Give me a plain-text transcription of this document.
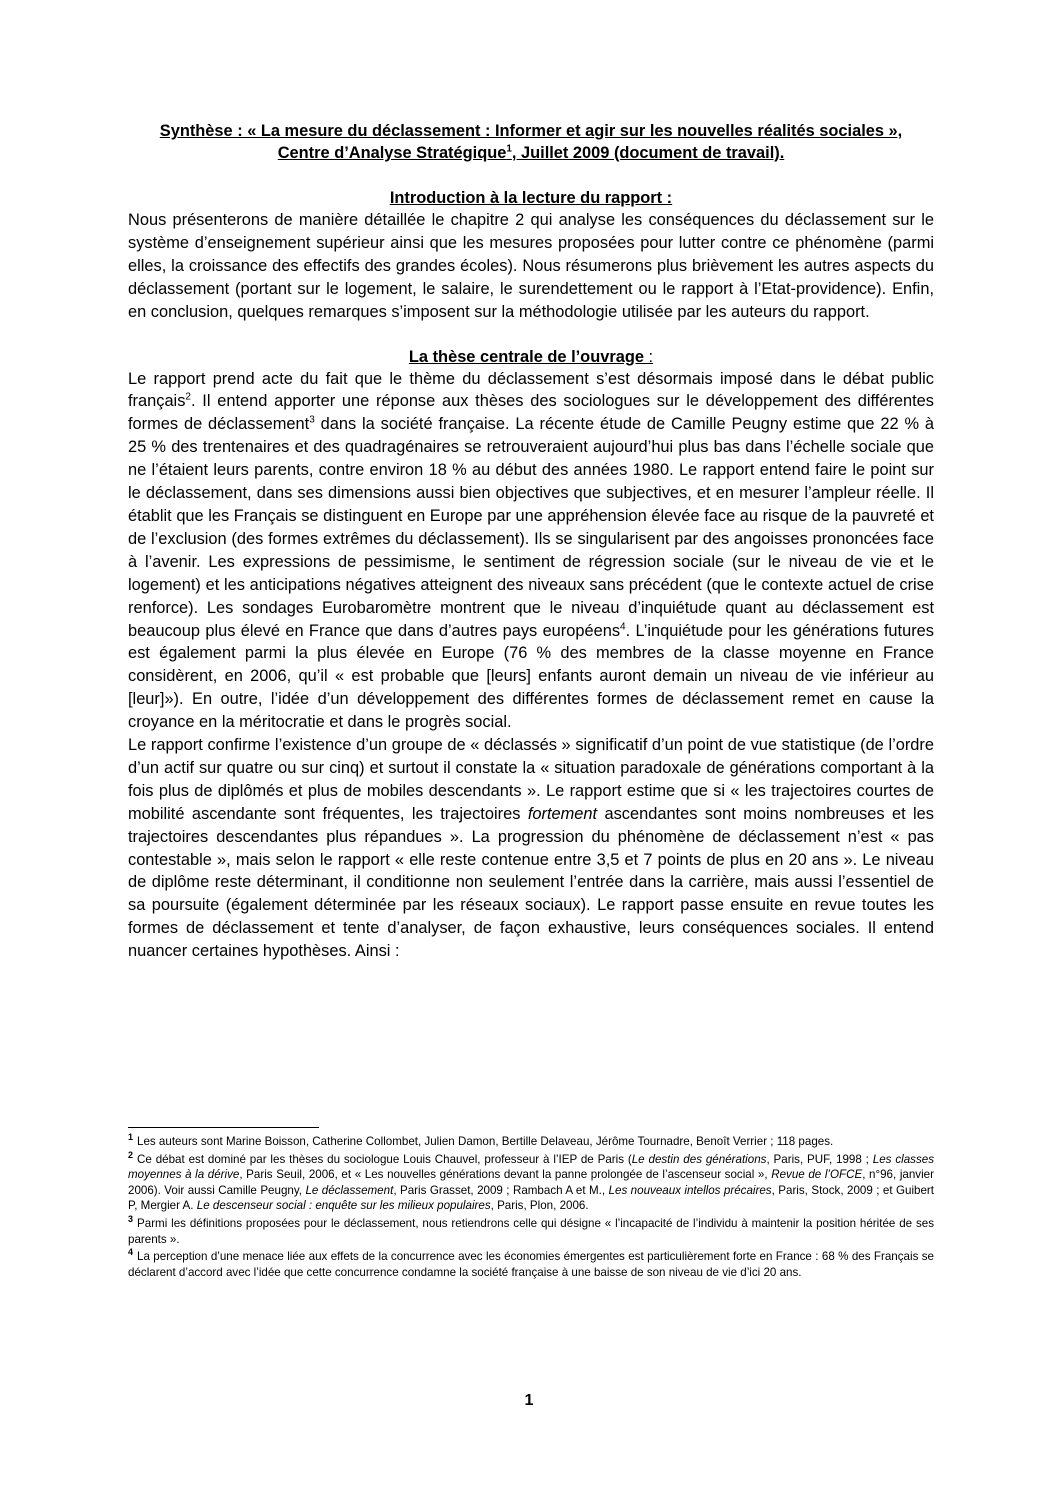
Synthèse : « La mesure du déclassement : Informer et agir sur les nouvelles réalités sociales »,
Centre d’Analyse Stratégique$^1$, Juillet 2009 (document de travail).

Introduction à la lecture du rapport :

Nous présenterons de manière détaillée le chapitre 2 qui analyse les conséquences du déclassement sur le système d’enseignement supérieur ainsi que les mesures proposées pour lutter contre ce phénomène (parmi elles, la croissance des effectifs des grandes écoles). Nous résumerons plus brièvement les autres aspects du déclassement (portant sur le logement, le salaire, le surendettement ou le rapport à l’Etat-providence). Enfin, en conclusion, quelques remarques s’imposent sur la méthodologie utilisée par les auteurs du rapport.

La thèse centrale de l’ouvrage :

Le rapport prend acte du fait que le thème du déclassement s’est désormais imposé dans le débat public français$^2$. Il entend apporter une réponse aux thèses des sociologues sur le développement des différentes formes de déclassement$^3$ dans la société française. La récente étude de Camille Peugny estime que 22 % à 25 % des trentenaires et des quadragénaires se retrouveraient aujourd’hui plus bas dans l’échelle sociale que ne l’étaient leurs parents, contre environ 18 % au début des années 1980. Le rapport entend faire le point sur le déclassement, dans ses dimensions aussi bien objectives que subjectives, et en mesurer l’ampleur réelle. Il établit que les Français se distinguent en Europe par une appréhension élevée face au risque de la pauvreté et de l’exclusion (des formes extrêmes du déclassement). Ils se singularisent par des angoisses prononcées face à l’avenir. Les expressions de pessimisme, le sentiment de régression sociale (sur le niveau de vie et le logement) et les anticipations négatives atteignent des niveaux sans précédent (que le contexte actuel de crise renforce). Les sondages Eurobaromètre montrent que le niveau d’inquiétude quant au déclassement est beaucoup plus élevé en France que dans d’autres pays européens$^4$. L’inquiétude pour les générations futures est également parmi la plus élevée en Europe (76 % des membres de la classe moyenne en France considèrent, en 2006, qu’il « est probable que [leurs] enfants auront demain un niveau de vie inférieur au [leur]»). En outre, l’idée d’un développement des différentes formes de déclassement remet en cause la croyance en la méritocratie et dans le progrès social.

Le rapport confirme l’existence d’un groupe de « déclassés » significatif d’un point de vue statistique (de l’ordre d’un actif sur quatre ou sur cinq) et surtout il constate la « situation paradoxale de générations comportant à la fois plus de diplômés et plus de mobiles descendants ». Le rapport estime que si « les trajectoires courtes de mobilité ascendante sont fréquentes, les trajectoires fortement ascendantes sont moins nombreuses et les trajectoires descendantes plus répandues ». La progression du phénomène de déclassement n’est « pas contestable », mais selon le rapport « elle reste contenue entre 3,5 et 7 points de plus en 20 ans ». Le niveau de diplôme reste déterminant, il conditionne non seulement l’entrée dans la carrière, mais aussi l’essentiel de sa poursuite (également déterminée par les réseaux sociaux). Le rapport passe ensuite en revue toutes les formes de déclassement et tente d’analyser, de façon exhaustive, leurs conséquences sociales. Il entend nuancer certaines hypothèses. Ainsi :

$^1$ Les auteurs sont Marine Boisson, Catherine Collombet, Julien Damon, Bertille Delaveau, Jérôme Tournadre, Benoît Verrier ; 118 pages.

$^2$ Ce débat est dominé par les thèses du sociologue Louis Chauvel, professeur à l’IEP de Paris (Le destin des générations, Paris, PUF, 1998 ; Les classes moyennes à la dérive, Paris Seuil, 2006, et « Les nouvelles générations devant la panne prolongée de l’ascenseur social », Revue de l’OFCE, n°96, janvier 2006). Voir aussi Camille Peugny, Le déclassement, Paris Grasset, 2009 ; Rambach A et M., Les nouveaux intellos précaires, Paris, Stock, 2009 ; et Guibert P, Mergier A. Le descenseur social : enquête sur les milieux populaires, Paris, Plon, 2006.

$^3$ Parmi les définitions proposées pour le déclassement, nous retiendrons celle qui désigne « l’incapacité de l’individu à maintenir la position héritée de ses parents ».

$^4$ La perception d’une menace liée aux effets de la concurrence avec les économies émergentes est particulièrement forte en France : 68 % des Français se déclarent d’accord avec l’idée que cette concurrence condamne la société française à une baisse de son niveau de vie d’ici 20 ans.

1
